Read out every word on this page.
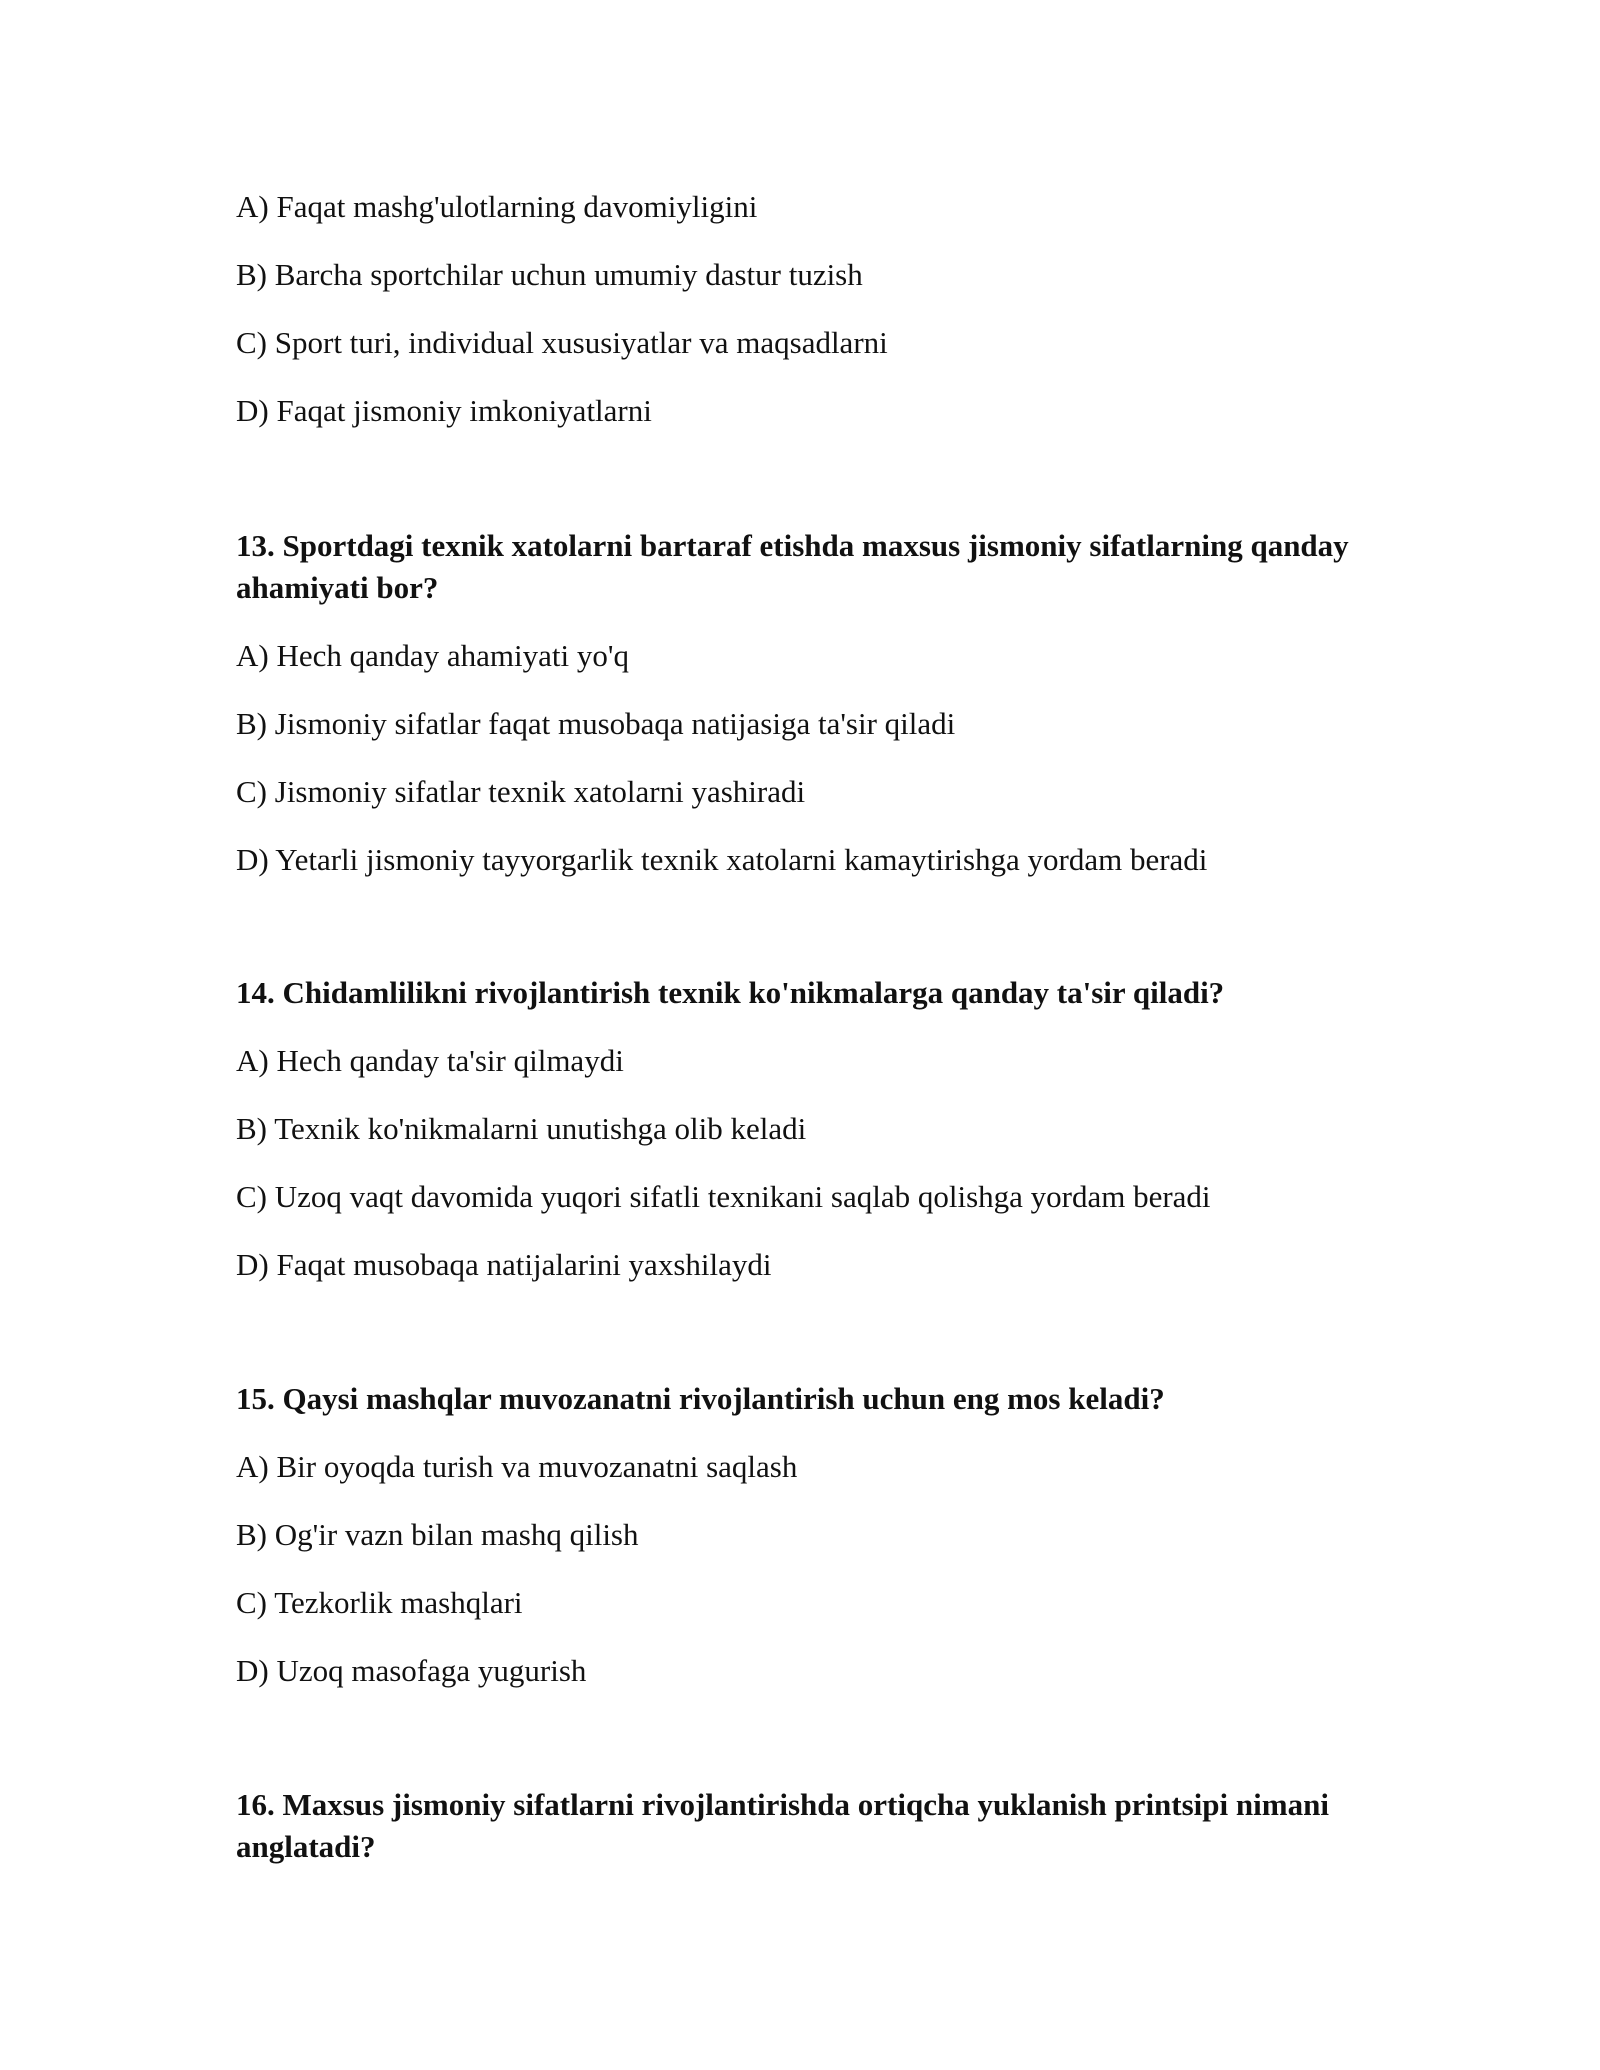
A) Faqat mashg'ulotlarning davomiyligini

B) Barcha sportchilar uchun umumiy dastur tuzish

C) Sport turi, individual xususiyatlar va maqsadlarni

D) Faqat jismoniy imkoniyatlarni

13. Sportdagi texnik xatolarni bartaraf etishda maxsus jismoniy sifatlarning qanday ahamiyati bor?

A) Hech qanday ahamiyati yo'q

B) Jismoniy sifatlar faqat musobaqa natijasiga ta'sir qiladi

C) Jismoniy sifatlar texnik xatolarni yashiradi

D) Yetarli jismoniy tayyorgarlik texnik xatolarni kamaytirishga yordam beradi

14. Chidamlilikni rivojlantirish texnik ko'nikmalarga qanday ta'sir qiladi?

A) Hech qanday ta'sir qilmaydi

B) Texnik ko'nikmalarni unutishga olib keladi

C) Uzoq vaqt davomida yuqori sifatli texnikani saqlab qolishga yordam beradi

D) Faqat musobaqa natijalarini yaxshilaydi

15. Qaysi mashqlar muvozanatni rivojlantirish uchun eng mos keladi?

A) Bir oyoqda turish va muvozanatni saqlash

B) Og'ir vazn bilan mashq qilish

C) Tezkorlik mashqlari

D) Uzoq masofaga yugurish

16. Maxsus jismoniy sifatlarni rivojlantirishda ortiqcha yuklanish printsipi nimani anglatadi?
